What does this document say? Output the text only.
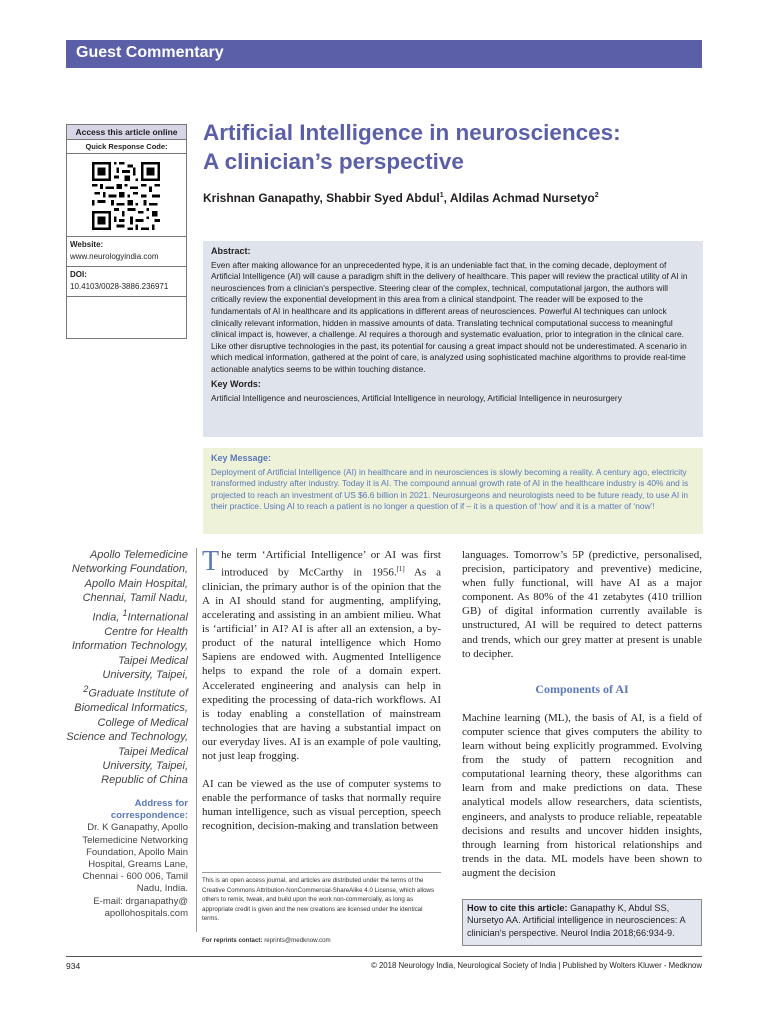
Guest Commentary
Access this article online
Quick Response Code:
Website:
www.neurologyindia.com
DOI:
10.4103/0028-3886.236971
Artificial Intelligence in neurosciences:
A clinician’s perspective
Krishnan Ganapathy, Shabbir Syed Abdul$^1$, Aldilas Achmad Nursetyo$^2$
Abstract:
Even after making allowance for an unprecedented hype, it is an undeniable fact that, in the coming decade, deployment of Artificial Intelligence (AI) will cause a paradigm shift in the delivery of healthcare. This paper will review the practical utility of AI in neurosciences from a clinician’s perspective. Steering clear of the complex, technical, computational jargon, the authors will critically review the exponential development in this area from a clinical standpoint. The reader will be exposed to the fundamentals of AI in healthcare and its applications in different areas of neurosciences. Powerful AI techniques can unlock clinically relevant information, hidden in massive amounts of data. Translating technical computational success to meaningful clinical impact is, however, a challenge. AI requires a thorough and systematic evaluation, prior to integration in the clinical care. Like other disruptive technologies in the past, its potential for causing a great impact should not be underestimated. A scenario in which medical information, gathered at the point of care, is analyzed using sophisticated machine algorithms to provide real-time actionable analytics seems to be within touching distance.
Key Words:
Artificial Intelligence and neurosciences, Artificial Intelligence in neurology, Artificial Intelligence in neurosurgery
Key Message:
Deployment of Artificial Intelligence (AI) in healthcare and in neurosciences is slowly becoming a reality. A century ago, electricity transformed industry after industry. Today it is AI. The compound annual growth rate of AI in the healthcare industry is 40% and is projected to reach an investment of US $6.6 billion in 2021. Neurosurgeons and neurologists need to be future ready, to use AI in their practice. Using AI to reach a patient is no longer a question of if – it is a question of ‘how’ and it is a matter of ‘now’!
Apollo Telemedicine Networking Foundation, Apollo Main Hospital, Chennai, Tamil Nadu, India, $^1$International Centre for Health Information Technology, Taipei Medical University, Taipei, $^2$Graduate Institute of Biomedical Informatics, College of Medical Science and Technology, Taipei Medical University, Taipei, Republic of China
Address for correspondence:
Dr. K Ganapathy, Apollo Telemedicine Networking Foundation, Apollo Main Hospital, Greams Lane, Chennai - 600 006, Tamil Nadu, India.
E-mail: drganapathy@ apollohospitals.com

The term ‘Artificial Intelligence’ or AI was first introduced by McCarthy in 1956.[1] As a clinician, the primary author is of the opinion that the A in AI should stand for augmenting, amplifying, accelerating and assisting in an ambient milieu. What is ‘artificial’ in AI? AI is after all an extension, a by-product of the natural intelligence which Homo Sapiens are endowed with. Augmented Intelligence helps to expand the role of a domain expert. Accelerated engineering and analysis can help in expediting the processing of data-rich workflows. AI is today enabling a constellation of mainstream technologies that are having a substantial impact on our everyday lives. AI is an example of pole vaulting, not just leap frogging.

AI can be viewed as the use of computer systems to enable the performance of tasks that normally require human intelligence, such as visual perception, speech recognition, decision-making and translation between

languages. Tomorrow’s 5P (predictive, personalised, precision, participatory and preventive) medicine, when fully functional, will have AI as a major component. As 80% of the 41 zetabytes (410 trillion GB) of digital information currently available is unstructured, AI will be required to detect patterns and trends, which our grey matter at present is unable to decipher.

Components of AI

Machine learning (ML), the basis of AI, is a field of computer science that gives computers the ability to learn without being explicitly programmed. Evolving from the study of pattern recognition and computational learning theory, these algorithms can learn from and make predictions on data. These analytical models allow researchers, data scientists, engineers, and analysts to produce reliable, repeatable decisions and results and uncover hidden insights, through learning from historical relationships and trends in the data. ML models have been shown to augment the decision

This is an open access journal, and articles are distributed under the terms of the Creative Commons Attribution-NonCommercial-ShareAlike 4.0 License, which allows others to remix, tweak, and build upon the work non-commercially, as long as appropriate credit is given and the new creations are licensed under the identical terms.
For reprints contact: reprints@medknow.com
How to cite this article: Ganapathy K, Abdul SS, Nursetyo AA. Artificial intelligence in neurosciences: A clinician’s perspective. Neurol India 2018;66:934-9.
934	© 2018 Neurology India, Neurological Society of India | Published by Wolters Kluwer - Medknow
